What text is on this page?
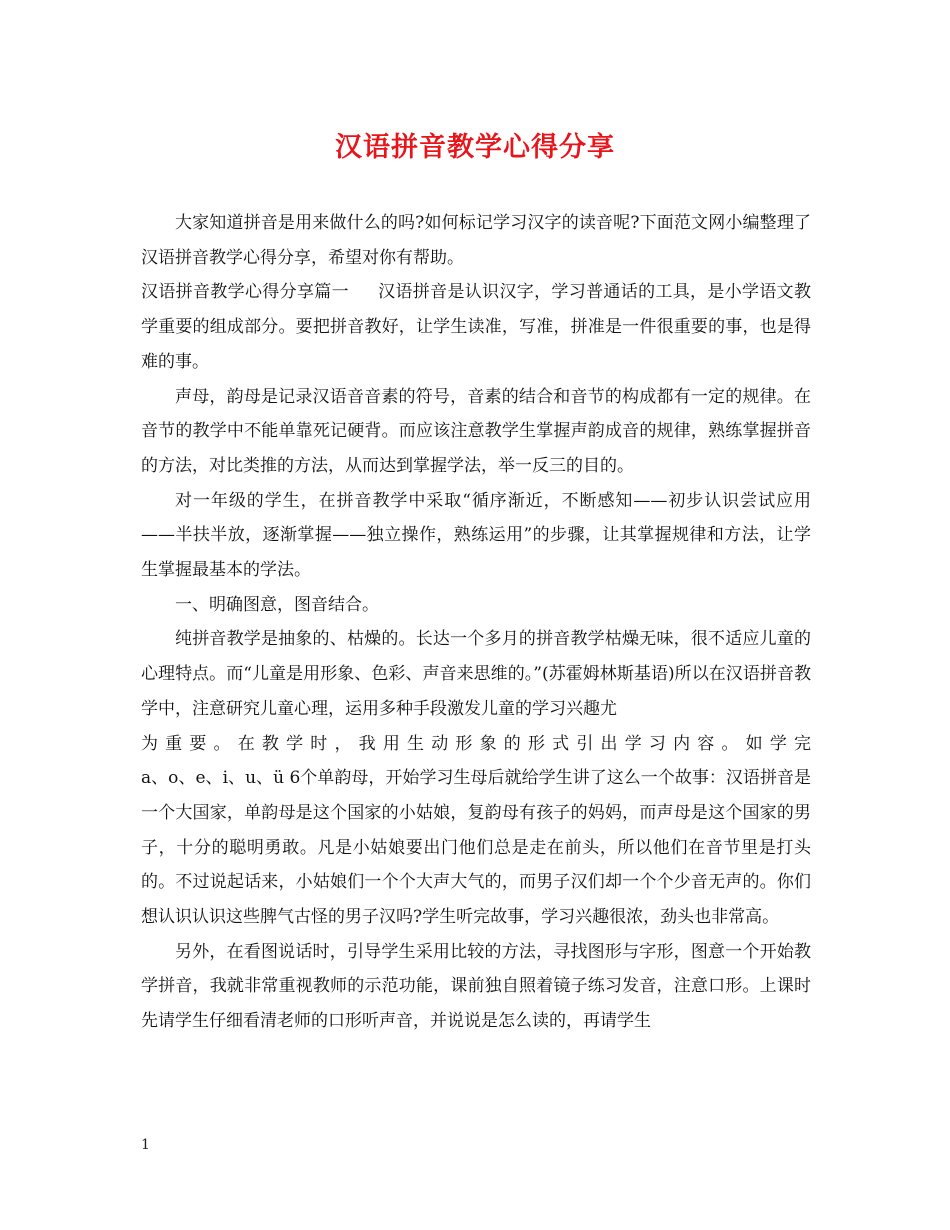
汉语拼音教学心得分享

大家知道拼音是用来做什么的吗?如何标记学习汉字的读音呢?下面范文网小编整理了汉语拼音教学心得分享，希望对你有帮助。

汉语拼音教学心得分享篇一 汉语拼音是认识汉字，学习普通话的工具，是小学语文教学重要的组成部分。要把拼音教好，让学生读准，写准，拼准是一件很重要的事，也是得难的事。

声母，韵母是记录汉语音音素的符号，音素的结合和音节的构成都有一定的规律。在音节的教学中不能单靠死记硬背。而应该注意教学生掌握声韵成音的规律，熟练掌握拼音的方法，对比类推的方法，从而达到掌握学法，举一反三的目的。

对一年级的学生，在拼音教学中采取“循序渐近，不断感知——初步认识尝试应用——半扶半放，逐渐掌握——独立操作，熟练运用”的步骤，让其掌握规律和方法，让学生掌握最基本的学法。

一、明确图意，图音结合。

纯拼音教学是抽象的、枯燥的。长达一个多月的拼音教学枯燥无味，很不适应儿童的心理特点。而“儿童是用形象、色彩、声音来思维的。”(苏霍姆林斯基语)所以在汉语拼音教学中，注意研究儿童心理，运用多种手段激发儿童的学习兴趣尤

为重要。在教学时，我用生动形象的形式引出学习内容。如学完

a、o、e、i、u、ü 6个单韵母，开始学习生母后就给学生讲了这么一个故事：汉语拼音是一个大国家，单韵母是这个国家的小姑娘，复韵母有孩子的妈妈，而声母是这个国家的男子，十分的聪明勇敢。凡是小姑娘要出门他们总是走在前头，所以他们在音节里是打头的。不过说起话来，小姑娘们一个个大声大气的，而男子汉们却一个个少音无声的。你们想认识认识这些脾气古怪的男子汉吗?学生听完故事，学习兴趣很浓，劲头也非常高。

另外，在看图说话时，引导学生采用比较的方法，寻找图形与字形，图意一个开始教学拼音，我就非常重视教师的示范功能，课前独自照着镜子练习发音，注意口形。上课时先请学生仔细看清老师的口形听声音，并说说是怎么读的，再请学生

1
